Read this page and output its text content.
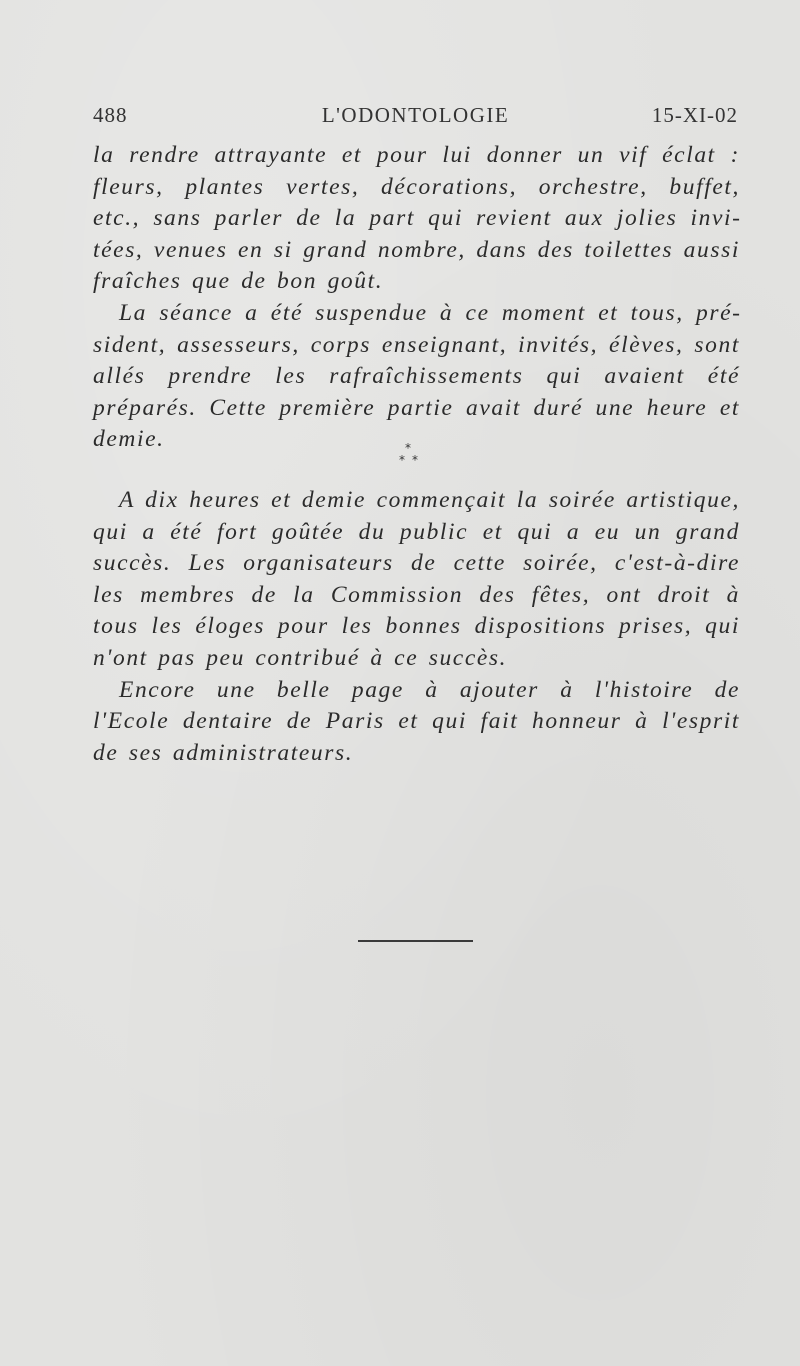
488	L'ODONTOLOGIE	15-XI-02

la rendre attrayante et pour lui donner un vif éclat : fleurs, plantes vertes, décorations, orchestre, buffet, etc., sans parler de la part qui revient aux jolies invitées, venues en si grand nombre, dans des toilettes aussi fraîches que de bon goût.

La séance a été suspendue à ce moment et tous, président, assesseurs, corps enseignant, invités, élèves, sont allés prendre les rafraîchissements qui avaient été préparés. Cette première partie avait duré une heure et demie.	*
* *

A dix heures et demie commençait la soirée artistique, qui a été fort goûtée du public et qui a eu un grand succès. Les organisateurs de cette soirée, c'est-à-dire les membres de la Commission des fêtes, ont droit à tous les éloges pour les bonnes dispositions prises, qui n'ont pas peu contribué à ce succès.

Encore une belle page à ajouter à l'histoire de l'Ecole dentaire de Paris et qui fait honneur à l'esprit de ses administrateurs.
